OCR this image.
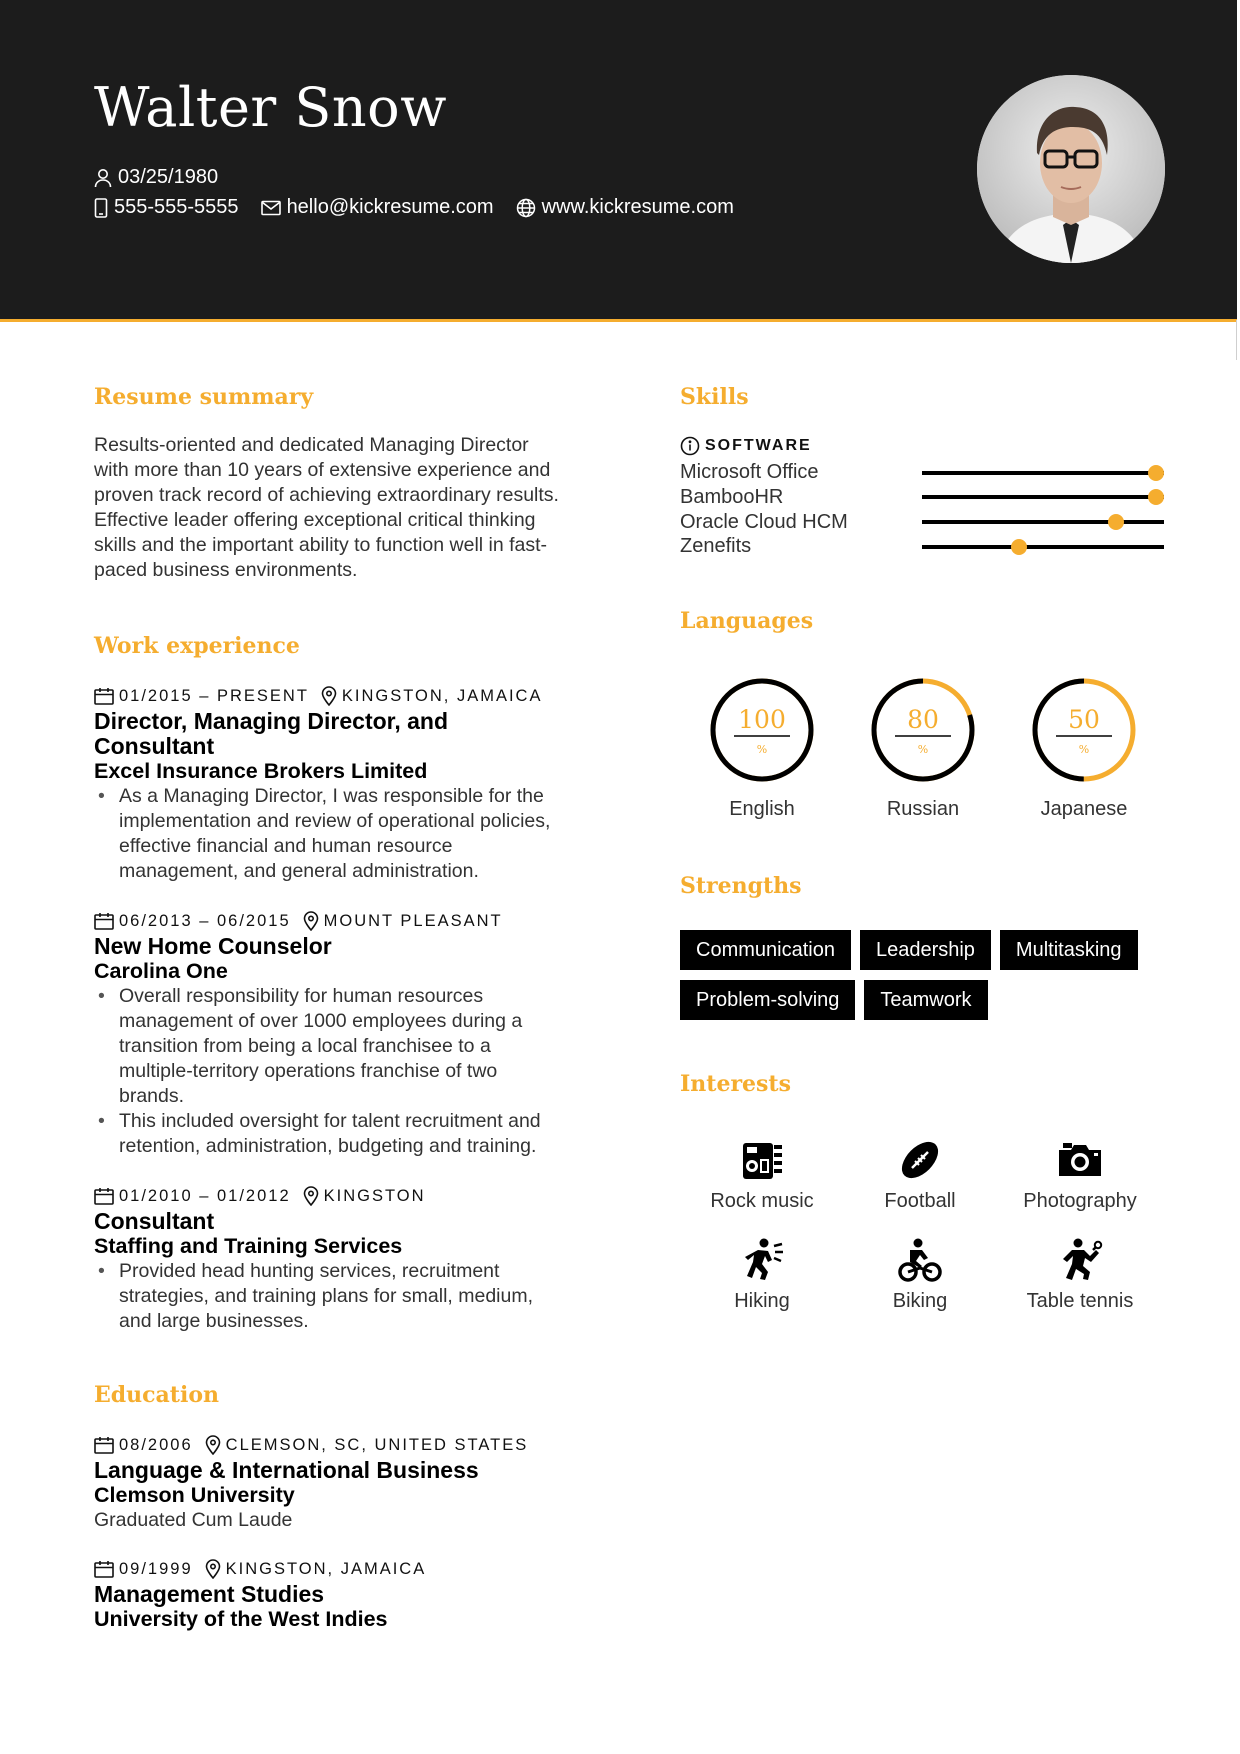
Walter Snow
03/25/1980
555-555-5555 hello@kickresume.com www.kickresume.com
Resume summary
Results-oriented and dedicated Managing Director
with more than 10 years of extensive experience and
proven track record of achieving extraordinary results.
Effective leader offering exceptional critical thinking
skills and the important ability to function well in fast-
paced business environments.
Work experience
01/2015 – PRESENT KINGSTON, JAMAICA
Director, Managing Director, and
Consultant
Excel Insurance Brokers Limited
• As a Managing Director, I was responsible for the
implementation and review of operational policies,
effective financial and human resource
management, and general administration.
06/2013 – 06/2015 MOUNT PLEASANT
New Home Counselor
Carolina One
• Overall responsibility for human resources
management of over 1000 employees during a
transition from being a local franchisee to a
multiple-territory operations franchise of two
brands.
• This included oversight for talent recruitment and
retention, administration, budgeting and training.
01/2010 – 01/2012 KINGSTON
Consultant
Staffing and Training Services
• Provided head hunting services, recruitment
strategies, and training plans for small, medium,
and large businesses.
Education
08/2006 CLEMSON, SC, UNITED STATES
Language & International Business
Clemson University
Graduated Cum Laude
09/1999 KINGSTON, JAMAICA
Management Studies
University of the West Indies
Skills
SOFTWARE
Microsoft Office
BambooHR
Oracle Cloud HCM
Zenefits
Languages
100
%
English
80
%
Russian
50
%
Japanese
Strengths
Communication	Leadership	Multitasking
Problem-solving	Teamwork
Interests
Rock music	Football	Photography
Hiking	Biking	Table tennis
